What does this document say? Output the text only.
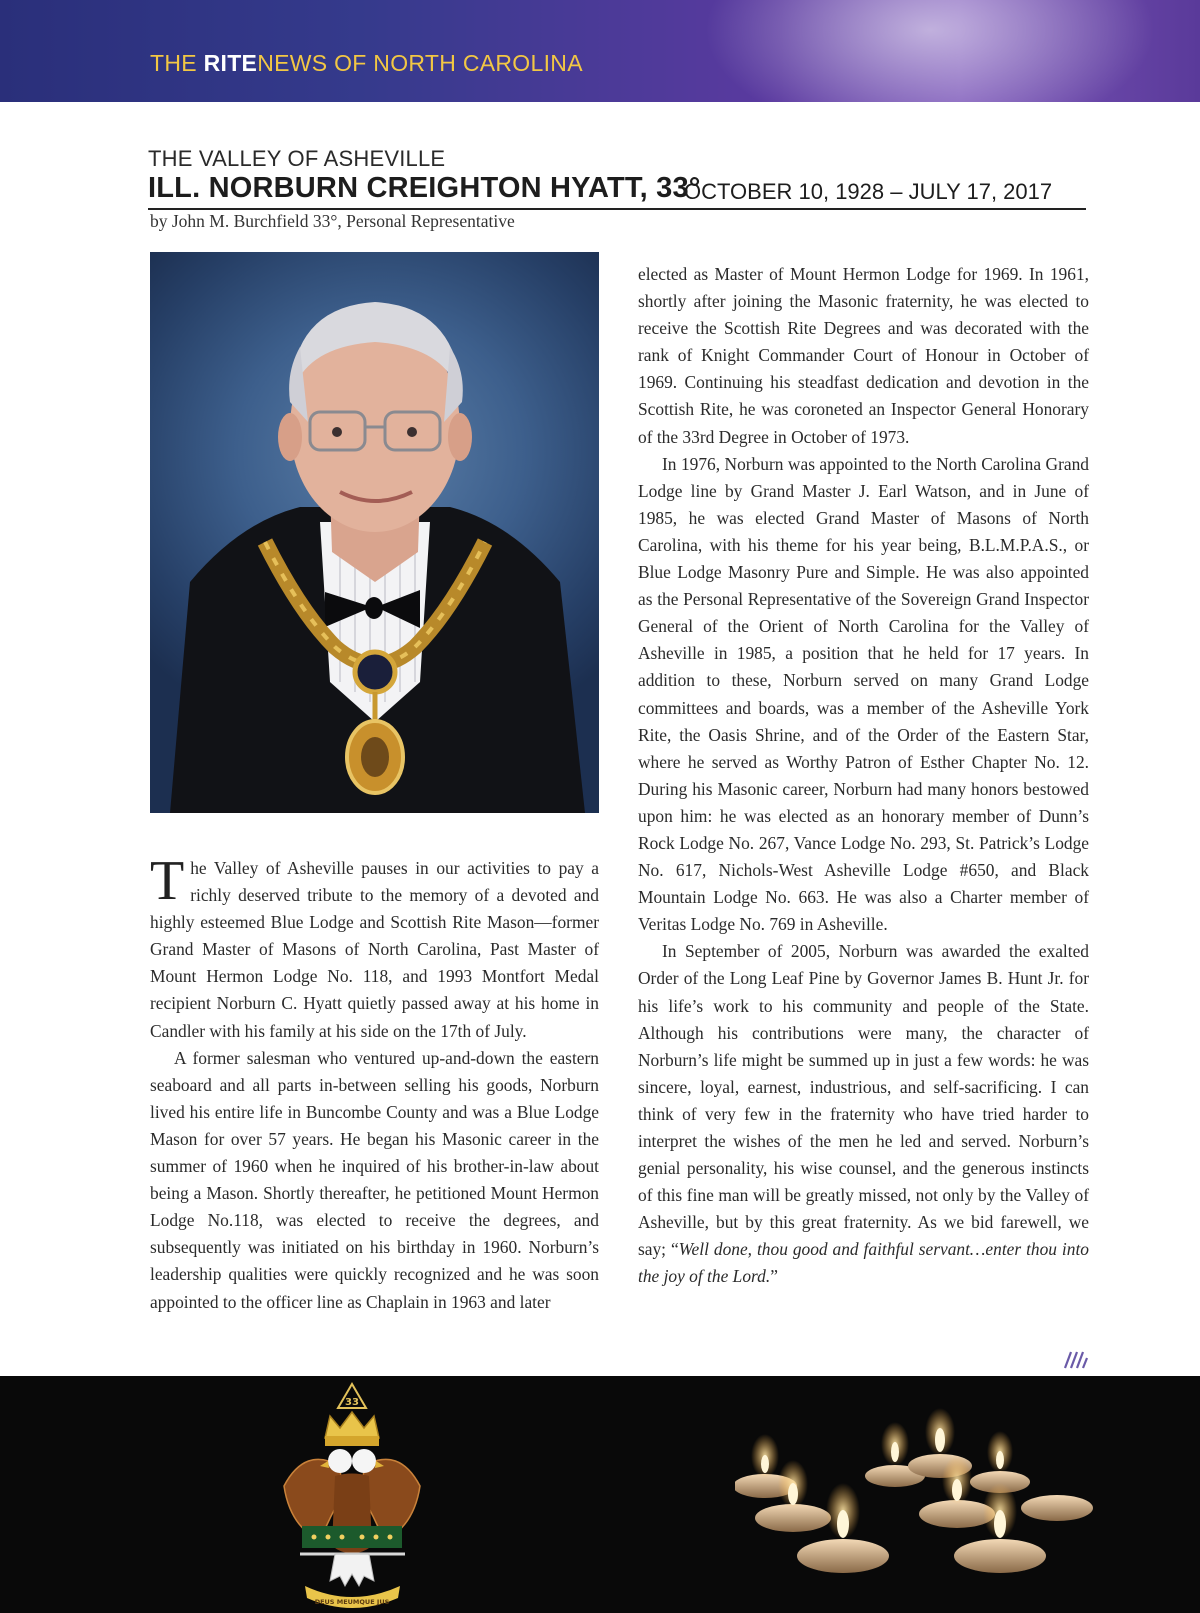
THE RITENEWS OF NORTH CAROLINA
THE VALLEY OF ASHEVILLE
ILL. NORBURN CREIGHTON HYATT, 33°
OCTOBER 10, 1928 – JULY 17, 2017
by John M. Burchfield 33°, Personal Representative

The Valley of Asheville pauses in our activities to pay a richly deserved tribute to the memory of a devoted and highly esteemed Blue Lodge and Scottish Rite Mason—former Grand Master of Masons of North Carolina, Past Master of Mount Hermon Lodge No. 118, and 1993 Montfort Medal recipient Norburn C. Hyatt quietly passed away at his home in Candler with his family at his side on the 17th of July.

A former salesman who ventured up-and-down the eastern seaboard and all parts in-between selling his goods, Norburn lived his entire life in Buncombe County and was a Blue Lodge Mason for over 57 years. He began his Masonic career in the summer of 1960 when he inquired of his brother-in-law about being a Mason. Shortly thereafter, he petitioned Mount Hermon Lodge No.118, was elected to receive the degrees, and subsequently was initiated on his birthday in 1960. Norburn’s leadership qualities were quickly recognized and he was soon appointed to the officer line as Chaplain in 1963 and later

elected as Master of Mount Hermon Lodge for 1969. In 1961, shortly after joining the Masonic fraternity, he was elected to receive the Scottish Rite Degrees and was decorated with the rank of Knight Commander Court of Honour in October of 1969. Continuing his steadfast dedication and devotion in the Scottish Rite, he was coroneted an Inspector General Honorary of the 33rd Degree in October of 1973.

In 1976, Norburn was appointed to the North Carolina Grand Lodge line by Grand Master J. Earl Watson, and in June of 1985, he was elected Grand Master of Masons of North Carolina, with his theme for his year being, B.L.M.P.A.S., or Blue Lodge Masonry Pure and Simple. He was also appointed as the Personal Representative of the Sovereign Grand Inspector General of the Orient of North Carolina for the Valley of Asheville in 1985, a position that he held for 17 years. In addition to these, Norburn served on many Grand Lodge committees and boards, was a member of the Asheville York Rite, the Oasis Shrine, and of the Order of the Eastern Star, where he served as Worthy Patron of Esther Chapter No. 12. During his Masonic career, Norburn had many honors bestowed upon him: he was elected as an honorary member of Dunn’s Rock Lodge No. 267, Vance Lodge No. 293, St. Patrick’s Lodge No. 617, Nichols-West Asheville Lodge #650, and Black Mountain Lodge No. 663. He was also a Charter member of Veritas Lodge No. 769 in Asheville.

In September of 2005, Norburn was awarded the exalted Order of the Long Leaf Pine by Governor James B. Hunt Jr. for his life’s work to his community and people of the State. Although his contributions were many, the character of Norburn’s life might be summed up in just a few words: he was sincere, loyal, earnest, industrious, and self-sacrificing. I can think of very few in the fraternity who have tried harder to interpret the wishes of the men he led and served. Norburn’s genial personality, his wise counsel, and the generous instincts of this fine man will be greatly missed, not only by the Valley of Asheville, but by this great fraternity. As we bid farewell, we say; “Well done, thou good and faithful servant…enter thou into the joy of the Lord.”

33
DEUS MEUMQUE JUS
